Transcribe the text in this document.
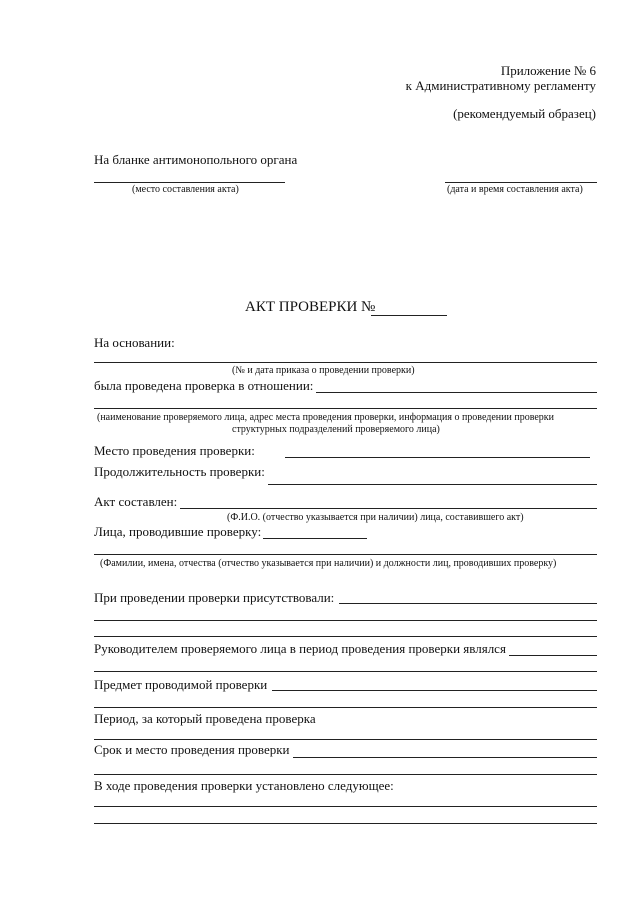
Приложение № 6
к Административному регламенту
(рекомендуемый образец)
На бланке антимонопольного органа
(место составления акта)	(дата и время составления акта)
АКТ ПРОВЕРКИ №
На основании:
(№ и дата приказа о проведении проверки)
была проведена проверка в отношении:
(наименование проверяемого лица, адрес места проведения проверки, информация о проведении проверки
структурных подразделений проверяемого лица)
Место проведения проверки:
Продолжительность проверки:
Акт составлен:
(Ф.И.О. (отчество указывается при наличии) лица, составившего акт)
Лица, проводившие проверку:
(Фамилии, имена, отчества (отчество указывается при наличии) и должности лиц, проводивших проверку)
При проведении проверки присутствовали:
Руководителем проверяемого лица в период проведения проверки являлся
Предмет проводимой проверки
Период, за который проведена проверка
Срок и место проведения проверки
В ходе проведения проверки установлено следующее:
